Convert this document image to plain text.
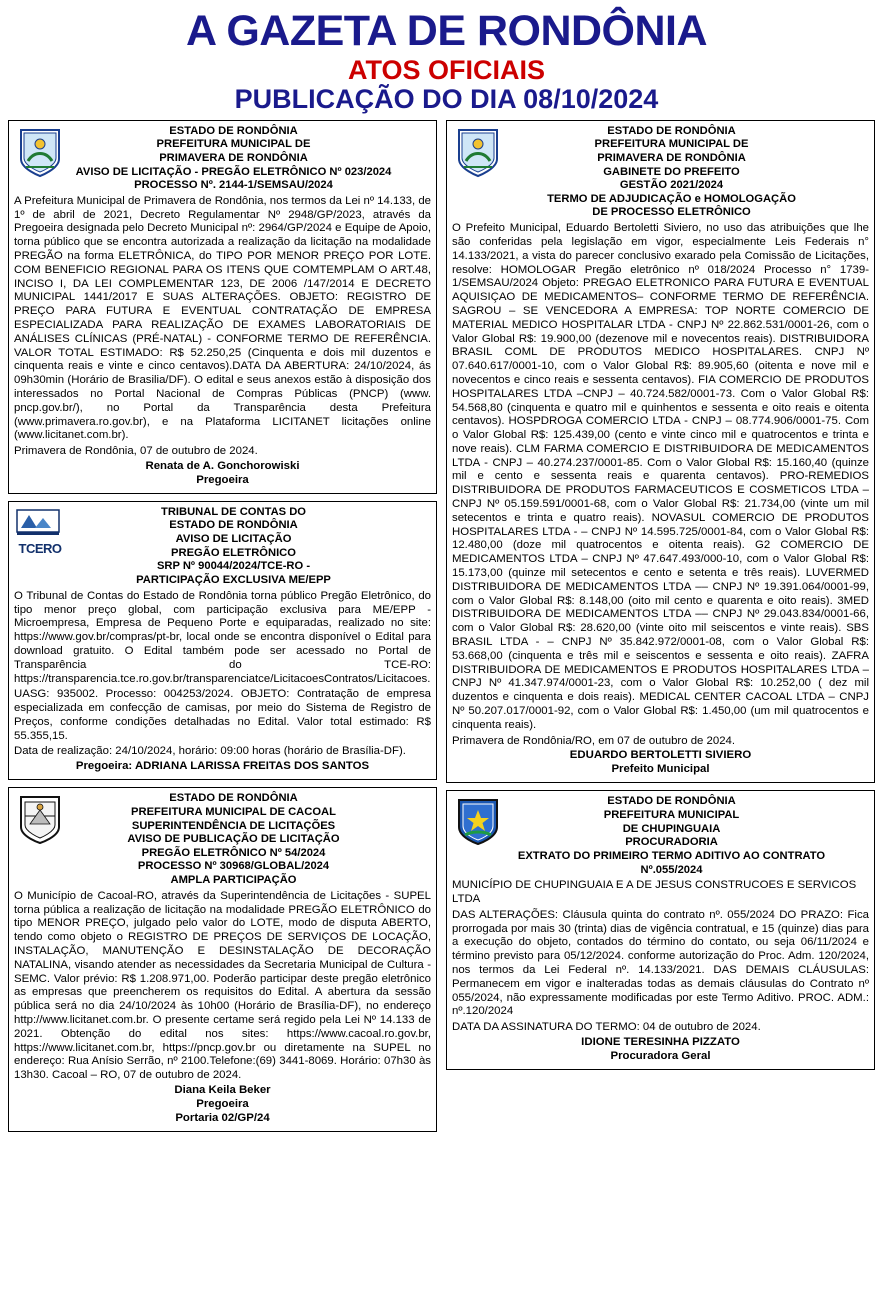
A GAZETA DE RONDÔNIA
ATOS OFICIAIS
PUBLICAÇÃO DO DIA 08/10/2024
ESTADO DE RONDÔNIA
PREFEITURA MUNICIPAL DE
PRIMAVERA DE RONDÔNIA
AVISO DE LICITAÇÃO - PREGÃO ELETRÔNICO Nº 023/2024
PROCESSO Nº. 2144-1/SEMSAU/2024
A Prefeitura Municipal de Primavera de Rondônia, nos termos da Lei nº 14.133, de 1º de abril de 2021, Decreto Regulamentar Nº 2948/GP/2023, através da Pregoeira designada pelo Decreto Municipal nº: 2964/GP/2024 e Equipe de Apoio, torna público que se encontra autorizada a realização da licitação na modalidade PREGÃO na forma ELETRÔNICA, do TIPO POR MENOR PREÇO POR LOTE. COM BENEFICIO REGIONAL PARA OS ITENS QUE COMTEMPLAM O ART.48, INCISO I, DA LEI COMPLEMENTAR 123, DE 2006 /147/2014 E DECRETO MUNICIPAL 1441/2017 E SUAS ALTERAÇÕES. OBJETO: REGISTRO DE PREÇO PARA FUTURA E EVENTUAL CONTRATAÇÃO DE EMPRESA ESPECIALIZADA PARA REALIZAÇÃO DE EXAMES LABORATORIAIS DE ANÁLISES CLÍNICAS (PRÉ-NATAL) - CONFORME TERMO DE REFERÊNCIA. VALOR TOTAL ESTIMADO: R$ 52.250,25 (Cinquenta e dois mil duzentos e cinquenta reais e vinte e cinco centavos).DATA DA ABERTURA: 24/10/2024, ás 09h30min (Horário de Brasilia/DF). O edital e seus anexos estão à disposição dos interessados no Portal Nacional de Compras Públicas (PNCP) (www. pncp.gov.br/), no Portal da Transparência desta Prefeitura (www.primavera.ro.gov.br), e na Plataforma LICITANET licitações online (www.licitanet.com.br).
Primavera de Rondônia, 07 de outubro de 2024.
Renata de A. Gonchorowiski
Pregoeira
TCERO
TRIBUNAL DE CONTAS DO
ESTADO DE RONDÔNIA
AVISO DE LICITAÇÃO
PREGÃO ELETRÔNICO
SRP Nº 90044/2024/TCE-RO -
PARTICIPAÇÃO EXCLUSIVA ME/EPP
O Tribunal de Contas do Estado de Rondônia torna público Pregão Eletrônico, do tipo menor preço global, com participação exclusiva para ME/EPP - Microempresa, Empresa de Pequeno Porte e equiparadas, realizado no site: https://www.gov.br/compras/pt-br, local onde se encontra disponível o Edital para download gratuito. O Edital também pode ser acessado no Portal de Transparência do TCE-RO: https://transparencia.tce.ro.gov.br/transparenciatce/LicitacoesContratos/Licitacoes.
UASG: 935002. Processo: 004253/2024. OBJETO: Contratação de empresa especializada em confecção de camisas, por meio do Sistema de Registro de Preços, conforme condições detalhadas no Edital. Valor total estimado: R$ 55.355,15.
Data de realização: 24/10/2024, horário: 09:00 horas (horário de Brasília-DF).
Pregoeira: ADRIANA LARISSA FREITAS DOS SANTOS
ESTADO DE RONDÔNIA
PREFEITURA MUNICIPAL DE CACOAL
SUPERINTENDÊNCIA DE LICITAÇÕES
AVISO DE PUBLICAÇÃO DE LICITAÇÃO
PREGÃO ELETRÔNICO Nº 54/2024
PROCESSO Nº 30968/GLOBAL/2024
AMPLA PARTICIPAÇÃO
O Município de Cacoal-RO, através da Superintendência de Licitações - SUPEL torna pública a realização de licitação na modalidade PREGÃO ELETRÔNICO do tipo MENOR PREÇO, julgado pelo valor do LOTE, modo de disputa ABERTO, tendo como objeto o REGISTRO DE PREÇOS DE SERVIÇOS DE LOCAÇÃO, INSTALAÇÃO, MANUTENÇÃO E DESINSTALAÇÃO DE DECORAÇÃO NATALINA, visando atender as necessidades da Secretaria Municipal de Cultura - SEMC. Valor prévio: R$ 1.208.971,00. Poderão participar deste pregão eletrônico as empresas que preencherem os requisitos do Edital. A abertura da sessão pública será no dia 24/10/2024 às 10h00 (Horário de Brasília-DF), no endereço http://www.licitanet.com.br. O presente certame será regido pela Lei Nº 14.133 de 2021. Obtenção do edital nos sites: https://www.cacoal.ro.gov.br, https://www.licitanet.com.br, https://pncp.gov.br ou diretamente na SUPEL no endereço: Rua Anísio Serrão, nº 2100.Telefone:(69) 3441-8069. Horário: 07h30 às 13h30. Cacoal – RO, 07 de outubro de 2024.
Diana Keila Beker
Pregoeira
Portaria 02/GP/24
ESTADO DE RONDÔNIA
PREFEITURA MUNICIPAL DE
PRIMAVERA DE RONDÔNIA
GABINETE DO PREFEITO
GESTÃO 2021/2024
TERMO DE ADJUDICAÇÃO e HOMOLOGAÇÃO
DE PROCESSO ELETRÔNICO
O Prefeito Municipal, Eduardo Bertoletti Siviero, no uso das atribuições que lhe são conferidas pela legislação em vigor, especialmente Leis Federais n° 14.133/2021, a vista do parecer conclusivo exarado pela Comissão de Licitações, resolve: HOMOLOGAR Pregão eletrônico nº 018/2024 Processo n° 1739-1/SEMSAU/2024 Objeto: PREGAO ELETRONICO PARA FUTURA E EVENTUAL AQUISIÇAO DE MEDICAMENTOS– CONFORME TERMO DE REFERÊNCIA. SAGROU – SE VENCEDORA A EMPRESA: TOP NORTE COMERCIO DE MATERIAL MEDICO HOSPITALAR LTDA - CNPJ Nº 22.862.531/0001-26, com o Valor Global R$: 19.900,00 (dezenove mil e novecentos reais). DISTRIBUIDORA BRASIL COML DE PRODUTOS MEDICO HOSPITALARES. CNPJ Nº 07.640.617/0001-10, com o Valor Global R$: 89.905,60 (oitenta e nove mil e novecentos e cinco reais e sessenta centavos). FIA COMERCIO DE PRODUTOS HOSPITALARES LTDA –CNPJ – 40.724.582/0001-73. Com o Valor Global R$: 54.568,80 (cinquenta e quatro mil e quinhentos e sessenta e oito reais e oitenta centavos). HOSPDROGA COMERCIO LTDA - CNPJ – 08.774.906/0001-75. Com o Valor Global R$: 125.439,00 (cento e vinte cinco mil e quatrocentos e trinta e nove reais). CLM FARMA COMERCIO E DISTRIBUIDORA DE MEDICAMENTOS LTDA - CNPJ – 40.274.237/0001-85. Com o Valor Global R$: 15.160,40 (quinze mil e cento e sessenta reais e quarenta centavos). PRO-REMEDIOS DISTRIBUIDORA DE PRODUTOS FARMACEUTICOS E COSMETICOS LTDA – CNPJ Nº 05.159.591/0001-68, com o Valor Global R$: 21.734,00 (vinte um mil setecentos e trinta e quatro reais). NOVASUL COMERCIO DE PRODUTOS HOSPITALARES LTDA - – CNPJ Nº 14.595.725/0001-84, com o Valor Global R$: 12.480,00 (doze mil quatrocentos e oitenta reais). G2 COMERCIO DE MEDICAMENTOS LTDA – CNPJ Nº 47.647.493/000-10, com o Valor Global R$: 15.173,00 (quinze mil setecentos e cento e setenta e três reais). LUVERMED DISTRIBUIDORA DE MEDICAMENTOS LTDA –– CNPJ Nº 19.391.064/0001-99, com o Valor Global R$: 8.148,00 (oito mil cento e quarenta e oito reais). 3MED DISTRIBUIDORA DE MEDICAMENTOS LTDA –– CNPJ Nº 29.043.834/0001-66, com o Valor Global R$: 28.620,00 (vinte oito mil seiscentos e vinte reais). SBS BRASIL LTDA - – CNPJ Nº 35.842.972/0001-08, com o Valor Global R$: 53.668,00 (cinquenta e três mil e seiscentos e sessenta e oito reais). ZAFRA DISTRIBUIDORA DE MEDICAMENTOS E PRODUTOS HOSPITALARES LTDA – CNPJ Nº 41.347.974/0001-23, com o Valor Global R$: 10.252,00 ( dez mil duzentos e cinquenta e dois reais). MEDICAL CENTER CACOAL LTDA – CNPJ Nº 50.207.017/0001-92, com o Valor Global R$: 1.450,00 (um mil quatrocentos e cinquenta reais).
Primavera de Rondônia/RO, em 07 de outubro de 2024.
EDUARDO BERTOLETTI SIVIERO
Prefeito Municipal
ESTADO DE RONDÔNIA
PREFEITURA MUNICIPAL
DE CHUPINGUAIA
PROCURADORIA
EXTRATO DO PRIMEIRO TERMO ADITIVO AO CONTRATO
Nº.055/2024
MUNICÍPIO DE CHUPINGUAIA E A DE JESUS CONSTRUCOES E SERVICOS LTDA
DAS ALTERAÇÕES: Cláusula quinta do contrato nº. 055/2024 DO PRAZO: Fica prorrogada por mais 30 (trinta) dias de vigência contratual, e 15 (quinze) dias para a execução do objeto, contados do término do contato, ou seja 06/11/2024 e término previsto para 05/12/2024. conforme autorização do Proc. Adm. 120/2024, nos termos da Lei Federal nº. 14.133/2021. DAS DEMAIS CLÁUSULAS: Permanecem em vigor e inalteradas todas as demais cláusulas do Contrato nº 055/2024, não expressamente modificadas por este Termo Aditivo. PROC. ADM.: nº.120/2024
DATA DA ASSINATURA DO TERMO: 04 de outubro de 2024.
IDIONE TERESINHA PIZZATO
Procuradora Geral
